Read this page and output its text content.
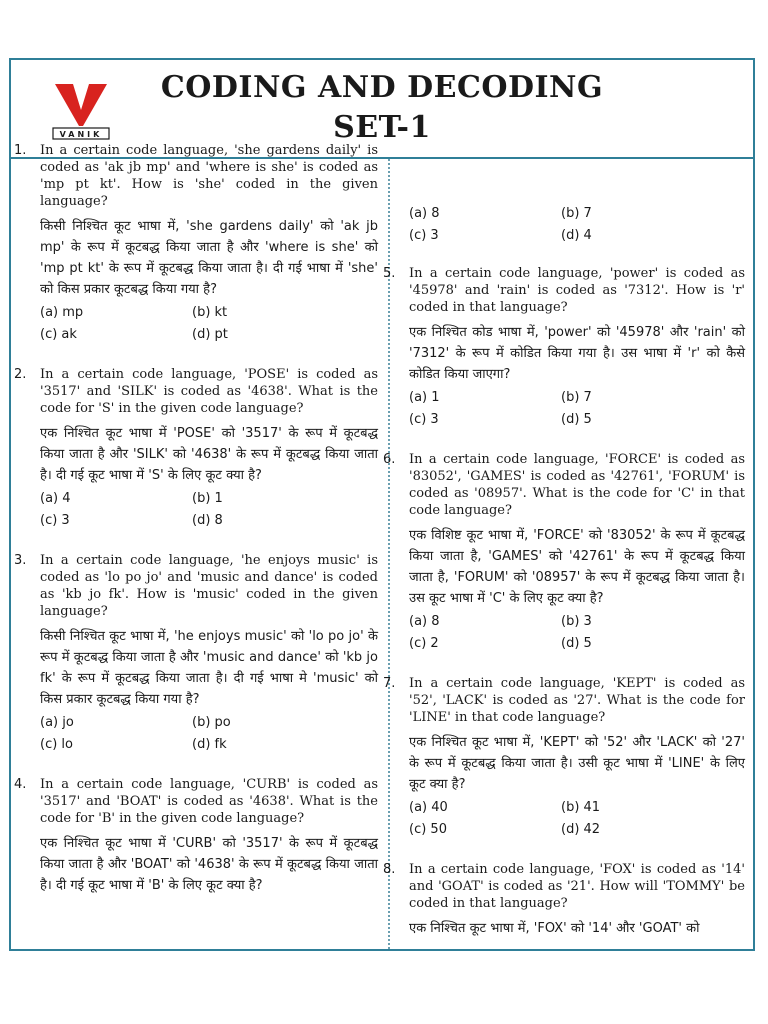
VANIK
CODING AND DECODING
SET-1
1. In a certain code language, 'she gardens daily' is coded as 'ak jb mp' and 'where is she' is coded as 'mp pt kt'. How is 'she' coded in the given language?

किसी निश्चित कूट भाषा में, 'she gardens daily' को 'ak jb mp' के रूप में कूटबद्ध किया जाता है और 'where is she' को 'mp pt kt' के रूप में कूटबद्ध किया जाता है। दी गई भाषा में 'she' को किस प्रकार कूटबद्ध किया गया है?

(a) mp	(b) kt
(c) ak	(d) pt
2. In a certain code language, 'POSE' is coded as '3517' and 'SILK' is coded as '4638'. What is the code for 'S' in the given code language?

एक निश्चित कूट भाषा में 'POSE' को '3517' के रूप में कूटबद्ध किया जाता है और 'SILK' को '4638' के रूप में कूटबद्ध किया जाता है। दी गई कूट भाषा में 'S' के लिए कूट क्या है?

(a) 4	(b) 1
(c) 3	(d) 8
3. In a certain code language, 'he enjoys music' is coded as 'lo po jo' and 'music and dance' is coded as 'kb jo fk'. How is 'music' coded in the given language?

किसी निश्चित कूट भाषा में, 'he enjoys music' को 'lo po jo' के रूप में कूटबद्ध किया जाता है और 'music and dance' को 'kb jo fk' के रूप में कूटबद्ध किया जाता है। दी गई भाषा मे 'music' को किस प्रकार कूटबद्ध किया गया है?

(a) jo	(b) po
(c) lo	(d) fk
4. In a certain code language, 'CURB' is coded as '3517' and 'BOAT' is coded as '4638'. What is the code for 'B' in the given code language?

एक निश्चित कूट भाषा में 'CURB' को '3517' के रूप में कूटबद्ध किया जाता है और 'BOAT' को '4638' के रूप में कूटबद्ध किया जाता है। दी गई कूट भाषा में 'B' के लिए कूट क्या है?

(a) 8	(b) 7
(c) 3	(d) 4
5. In a certain code language, 'power' is coded as '45978' and 'rain' is coded as '7312'. How is 'r' coded in that language?

एक निश्चित कोड भाषा में, 'power' को '45978' और 'rain' को '7312' के रूप में कोडित किया गया है। उस भाषा में 'r' को कैसे कोडित किया जाएगा?

(a) 1	(b) 7
(c) 3	(d) 5
6. In a certain code language, 'FORCE' is coded as '83052', 'GAMES' is coded as '42761', 'FORUM' is coded as '08957'. What is the code for 'C' in that code language?

एक विशिष्ट कूट भाषा में, 'FORCE' को '83052' के रूप में कूटबद्ध किया जाता है, 'GAMES' को '42761' के रूप में कूटबद्ध किया जाता है, 'FORUM' को '08957' के रूप में कूटबद्ध किया जाता है। उस कूट भाषा में 'C' के लिए कूट क्या है?

(a) 8	(b) 3
(c) 2	(d) 5
7. In a certain code language, 'KEPT' is coded as '52', 'LACK' is coded as '27'. What is the code for 'LINE' in that code language?

एक निश्चित कूट भाषा में, 'KEPT' को '52' और 'LACK' को '27' के रूप में कूटबद्ध किया जाता है। उसी कूट भाषा में 'LINE' के लिए कूट क्या है?

(a) 40	(b) 41
(c) 50	(d) 42
8. In a certain code language, 'FOX' is coded as '14' and 'GOAT' is coded as '21'. How will 'TOMMY' be coded in that language?

एक निश्चित कूट भाषा में, 'FOX' को '14' और 'GOAT' को
